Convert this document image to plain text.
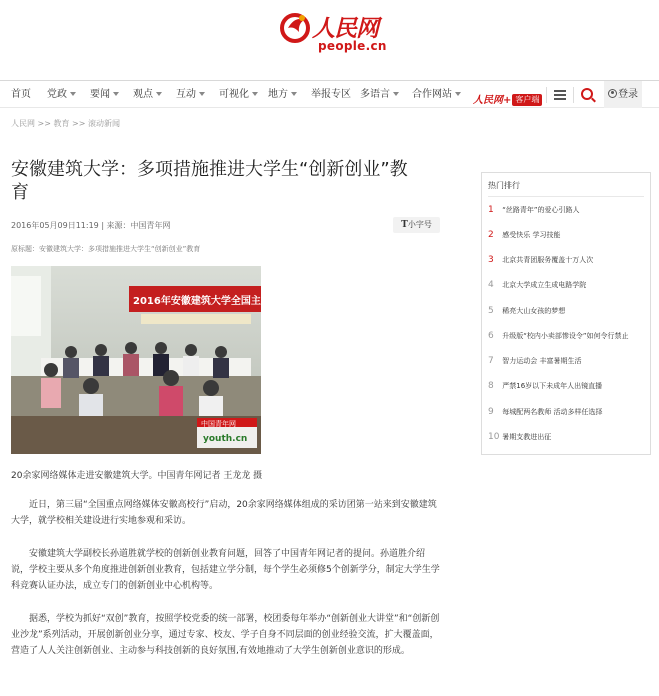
人民网
people.cn
首页 党政	要闻	观点	互动	可视化	地方	举报专区 多语言	合作网站
人民网+ 客户端	登录
人民网 >> 教育 >> 滚动新闻
安徽建筑大学：多项措施推进大学生“创新创业”教育
2016年05月09日11:19 | 来源：中国青年网	T小字号
原标题：安徽建筑大学：多项措施推进大学生“创新创业”教育
2016年安徽建筑大学全国主流网
中国青年网
youth.cn
20余家网络媒体走进安徽建筑大学。中国青年网记者 王龙龙 摄

近日，第三届“全国重点网络媒体安徽高校行”启动，20余家网络媒体组成的采访团第一站来到安徽建筑大学，就学校相关建设进行实地参观和采访。

安徽建筑大学副校长孙道胜就学校的创新创业教育问题，回答了中国青年网记者的提问。孙道胜介绍说，学校主要从多个角度推进创新创业教育，包括建立学分制，每个学生必须修5个创新学分，制定大学生学科竞赛认证办法，成立专门的创新创业中心机构等。

据悉，学校为抓好“双创”教育，按照学校党委的统一部署，校团委每年举办“创新创业大讲堂”和“创新创业沙龙”系列活动，开展创新创业分享，通过专家、校友、学子自身不同层面的创业经验交流，扩大覆盖面，营造了人人关注创新创业、主动参与科技创新的良好氛围,有效地推动了大学生创新创业意识的形成。

热门排行
1 “丝路青年”的爱心引路人
2 感受快乐 学习技能
3 北京共青团服务覆盖十万人次
4 北京大学成立生成电路学院
5 稀亮大山女孩的梦想
6 升级版“校内小卖部惨设令”如何令行禁止
7 智力运动会 丰富暑期生活
8 严禁16岁以下未成年人出镜直播
9 每城配两名教师 活动多样任选择
10 暑期支教进出征
